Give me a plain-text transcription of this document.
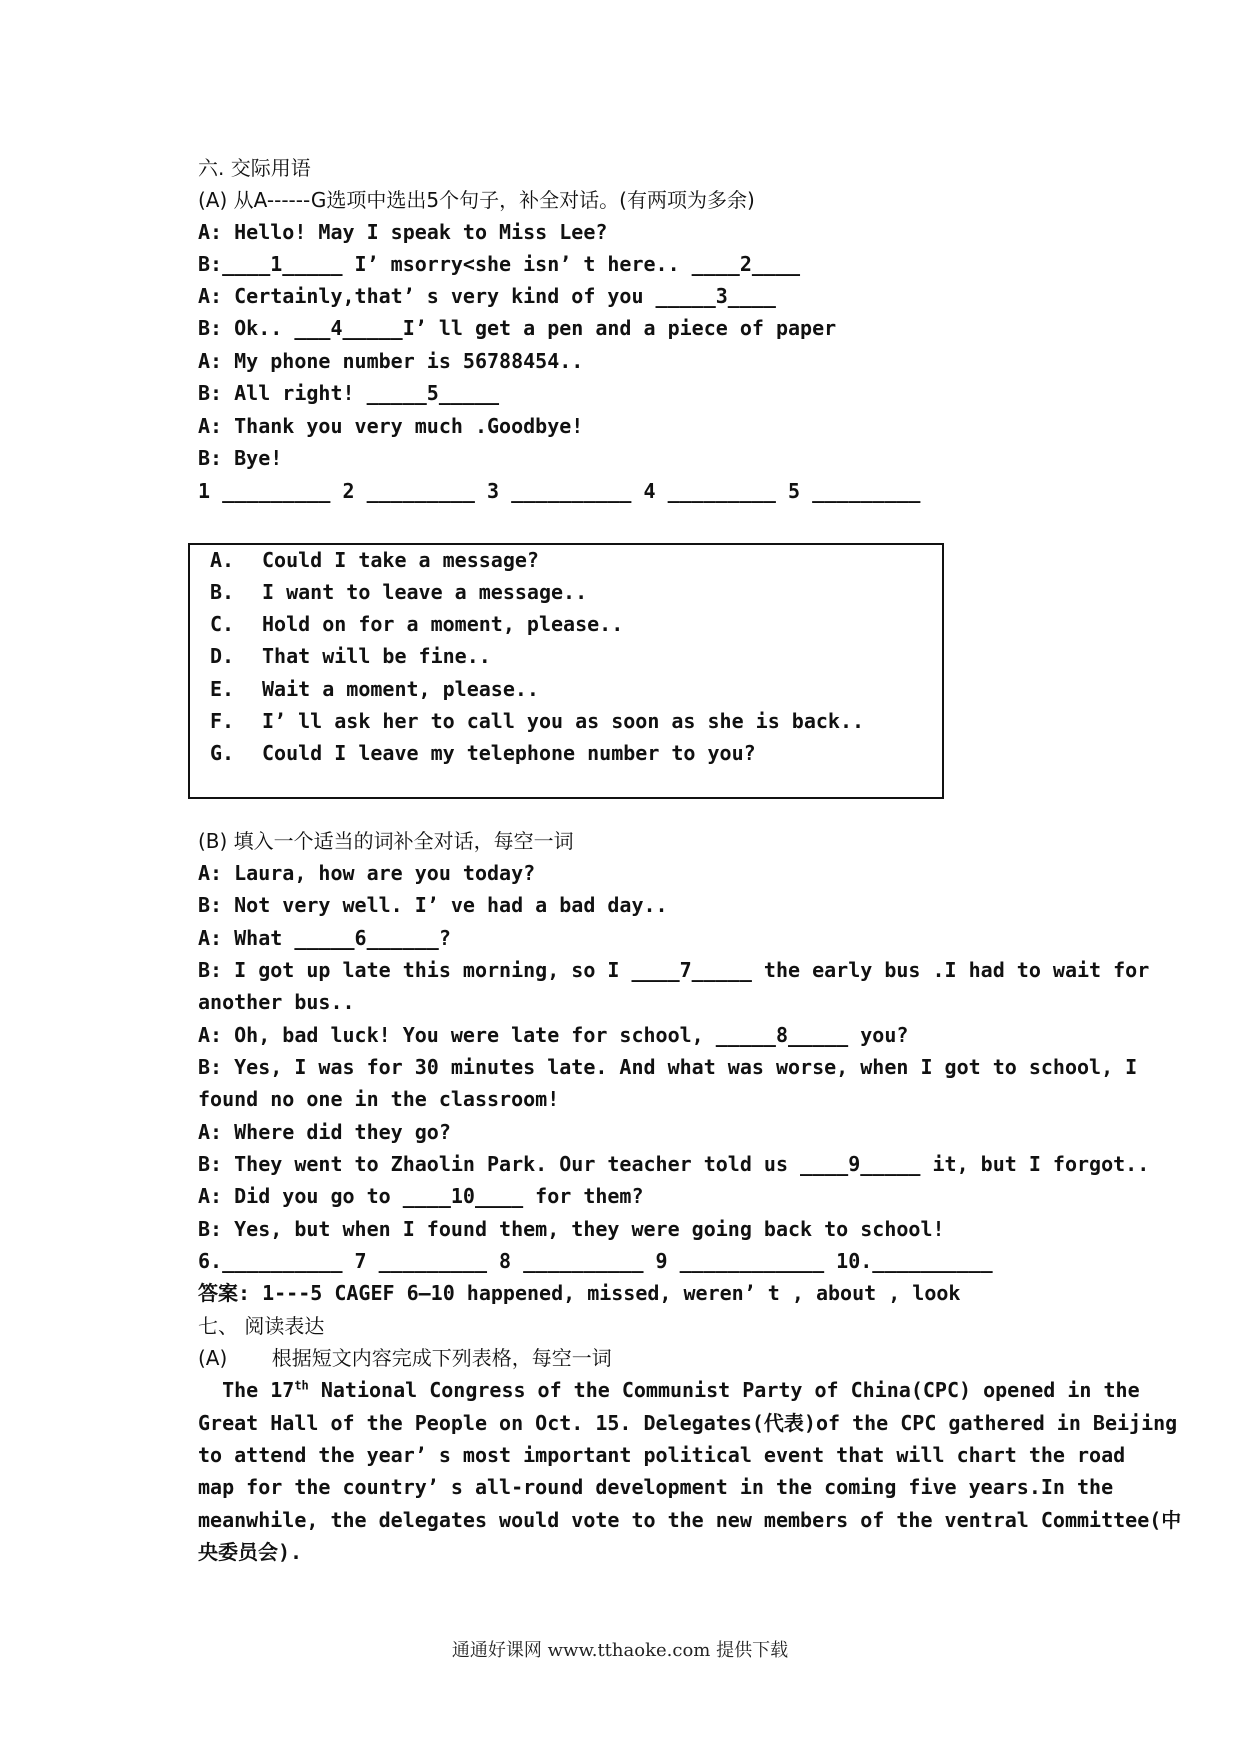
六. 交际用语
(A) 从A------G选项中选出5个句子，补全对话。(有两项为多余)
A: Hello! May I speak to Miss Lee?
B:____1_____ I’ msorry<she isn’ t here.. ____2____
A: Certainly,that’ s very kind of you _____3____
B: Ok.. ___4_____I’ ll get a pen and a piece of paper
A: My phone number is 56788454..
B: All right! _____5_____
A: Thank you very much .Goodbye!
B: Bye!
1 _________ 2 _________ 3 __________ 4 _________ 5 _________
A. Could I take a message?
B. I want to leave a message..
C. Hold on for a moment, please..
D. That will be fine..
E. Wait a moment, please..
F. I’ ll ask her to call you as soon as she is back..
G. Could I leave my telephone number to you?
(B) 填入一个适当的词补全对话，每空一词
A: Laura, how are you today?
B: Not very well. I’ ve had a bad day..
A: What _____6______?
B: I got up late this morning, so I ____7_____ the early bus .I had to wait for
another bus..
A: Oh, bad luck! You were late for school, _____8_____ you?
B: Yes, I was for 30 minutes late. And what was worse, when I got to school, I
found no one in the classroom!
A: Where did they go?
B: They went to Zhaolin Park. Our teacher told us ____9_____ it, but I forgot..
A: Did you go to ____10____ for them?
B: Yes, but when I found them, they were going back to school!
6.__________ 7 _________ 8 __________ 9 ____________ 10.__________
答案: 1---5 CAGEF 6—10 happened, missed, weren’ t , about , look
七、 阅读表达
(A)       根据短文内容完成下列表格，每空一词
The 17th National Congress of the Communist Party of China(CPC) opened in the
Great Hall of the People on Oct. 15. Delegates(代表)of the CPC gathered in Beijing
to attend the year’ s most important political event that will chart the road
map for the country’ s all-round development in the coming five years.In the
meanwhile, the delegates would vote to the new members of the ventral Committee(中
央委员会).
通通好课网 www.tthaoke.com 提供下载
